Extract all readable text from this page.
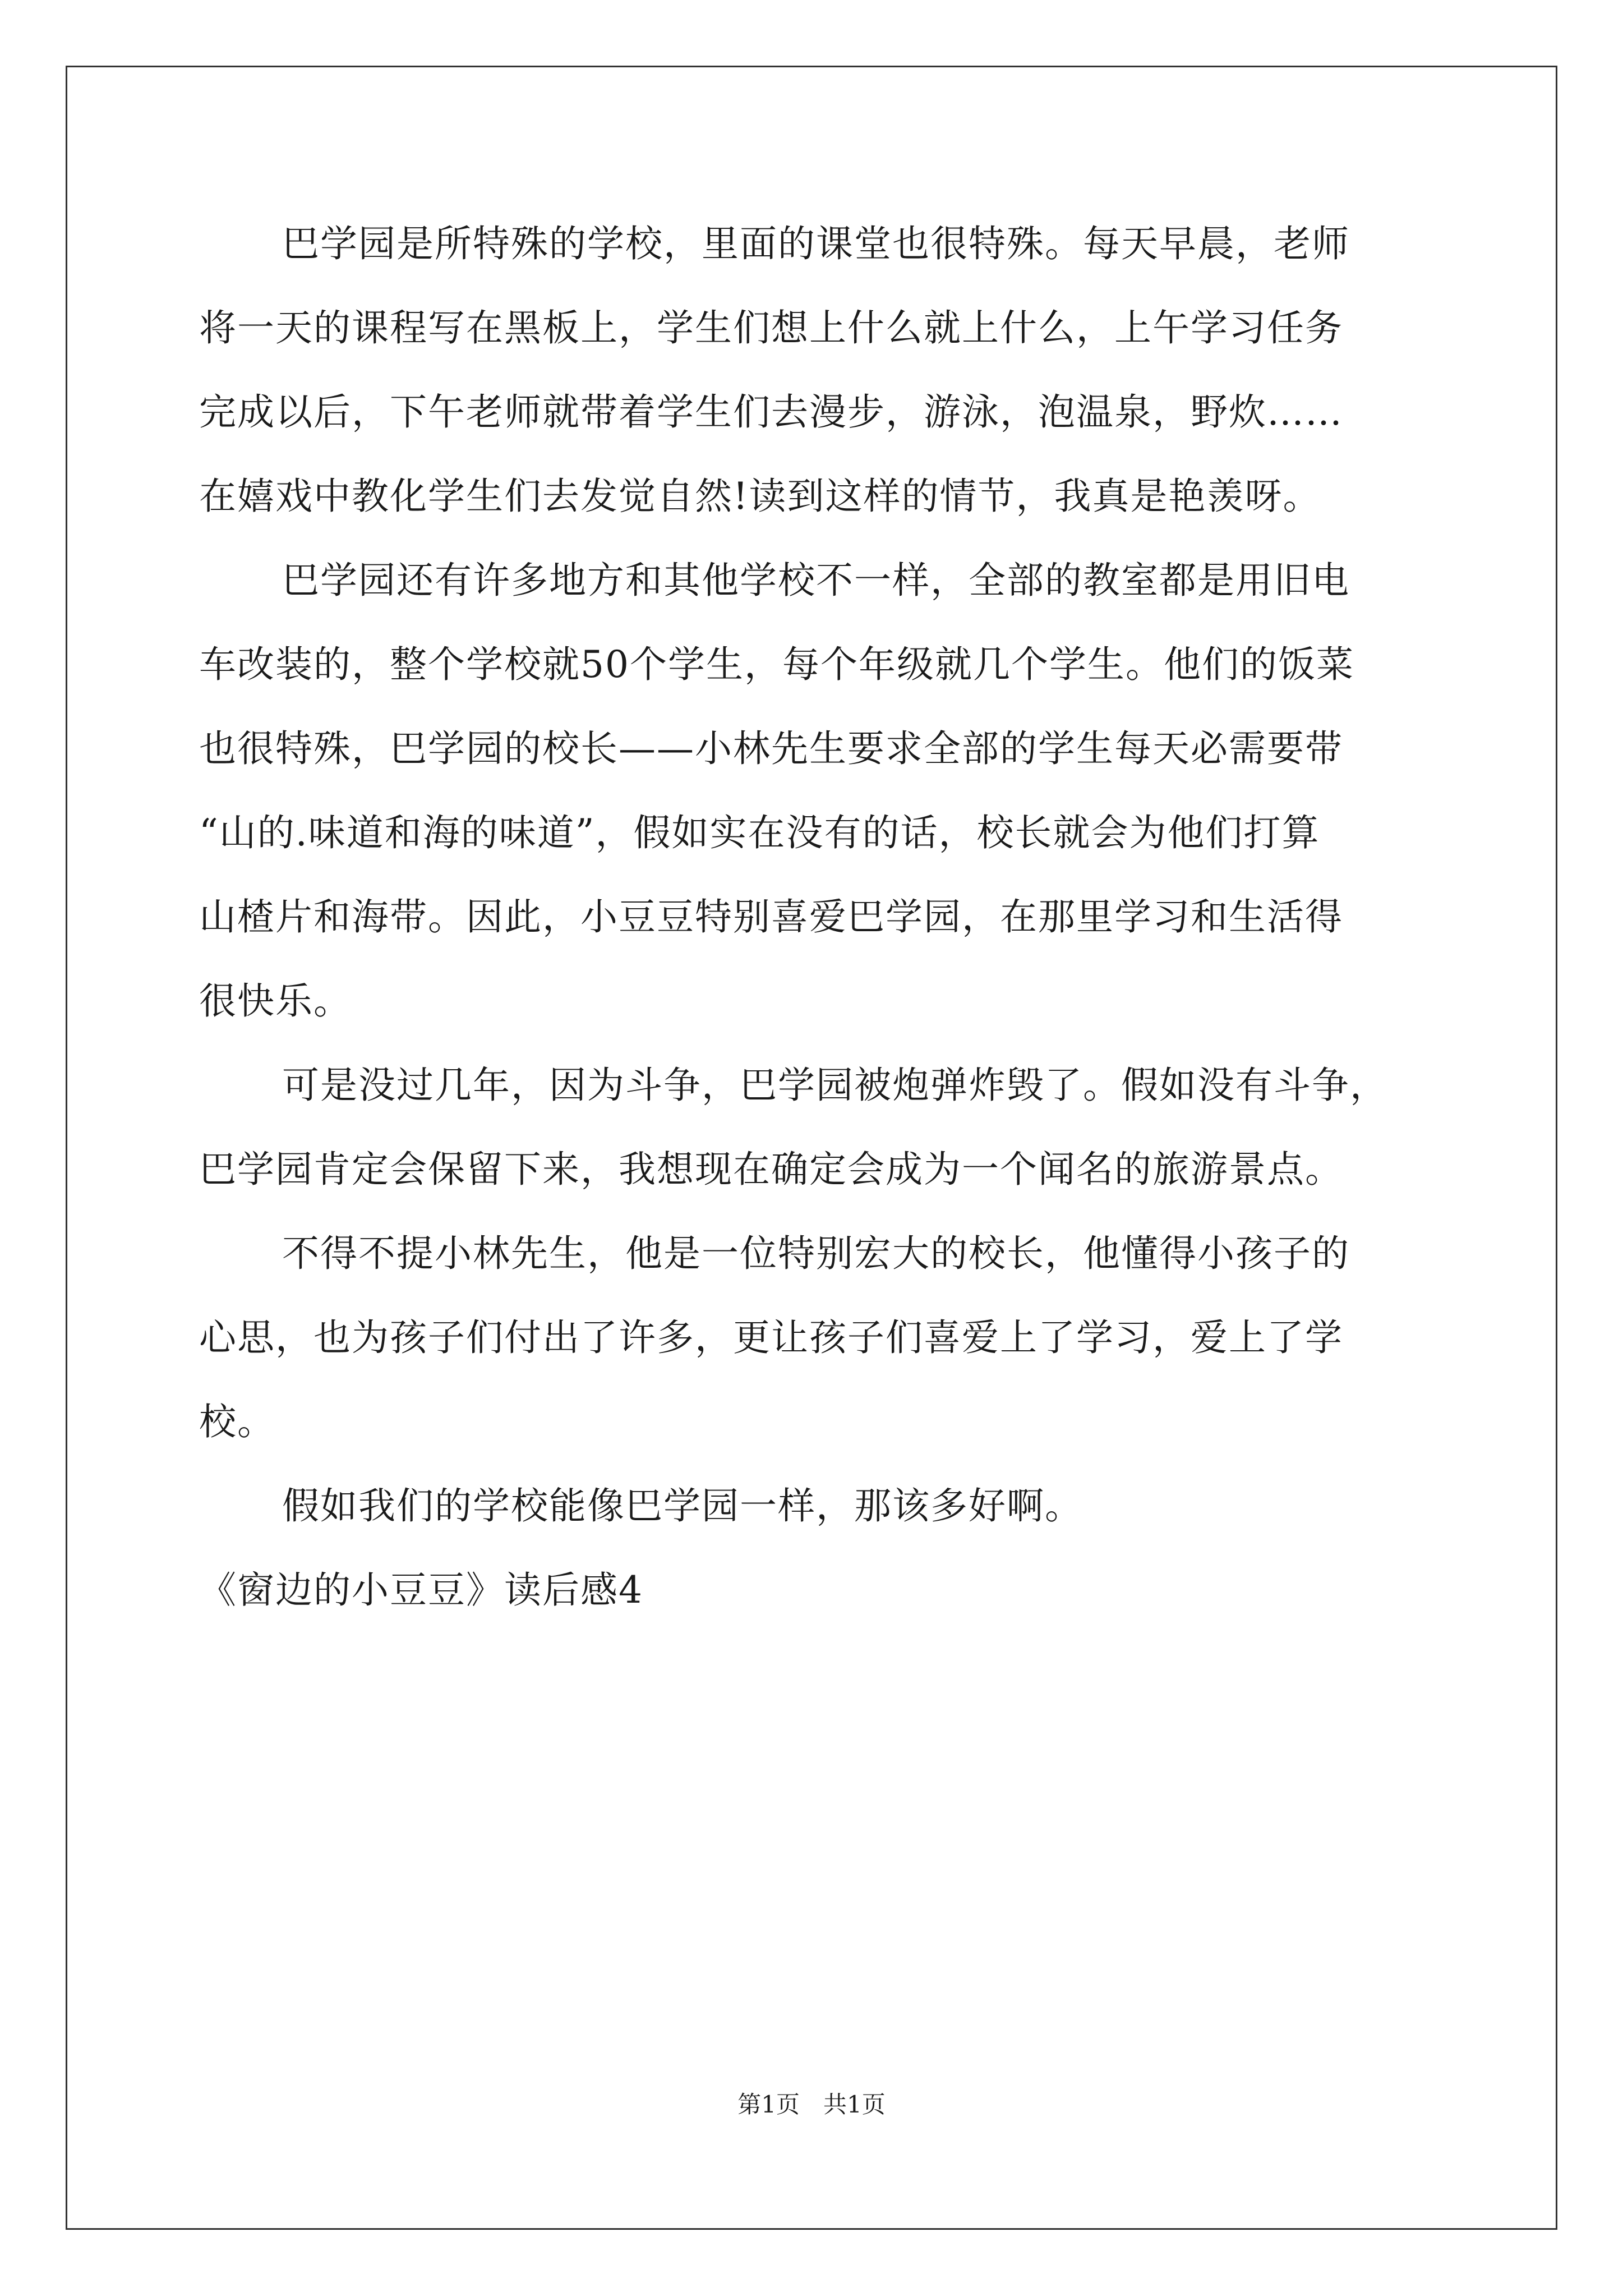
巴学园是所特殊的学校，里面的课堂也很特殊。每天早晨，老师
将一天的课程写在黑板上，学生们想上什么就上什么，上午学习任务
完成以后，下午老师就带着学生们去漫步，游泳，泡温泉，野炊……
在嬉戏中教化学生们去发觉自然!读到这样的情节，我真是艳羡呀。
巴学园还有许多地方和其他学校不一样，全部的教室都是用旧电
车改装的，整个学校就50个学生，每个年级就几个学生。他们的饭菜
也很特殊，巴学园的校长——小林先生要求全部的学生每天必需要带
“山的.味道和海的味道”，假如实在没有的话，校长就会为他们打算
山楂片和海带。因此，小豆豆特别喜爱巴学园，在那里学习和生活得
很快乐。
可是没过几年，因为斗争，巴学园被炮弹炸毁了。假如没有斗争，
巴学园肯定会保留下来，我想现在确定会成为一个闻名的旅游景点。
不得不提小林先生，他是一位特别宏大的校长，他懂得小孩子的
心思，也为孩子们付出了许多，更让孩子们喜爱上了学习，爱上了学
校。
假如我们的学校能像巴学园一样，那该多好啊。
《窗边的小豆豆》读后感4
第1页　共1页
